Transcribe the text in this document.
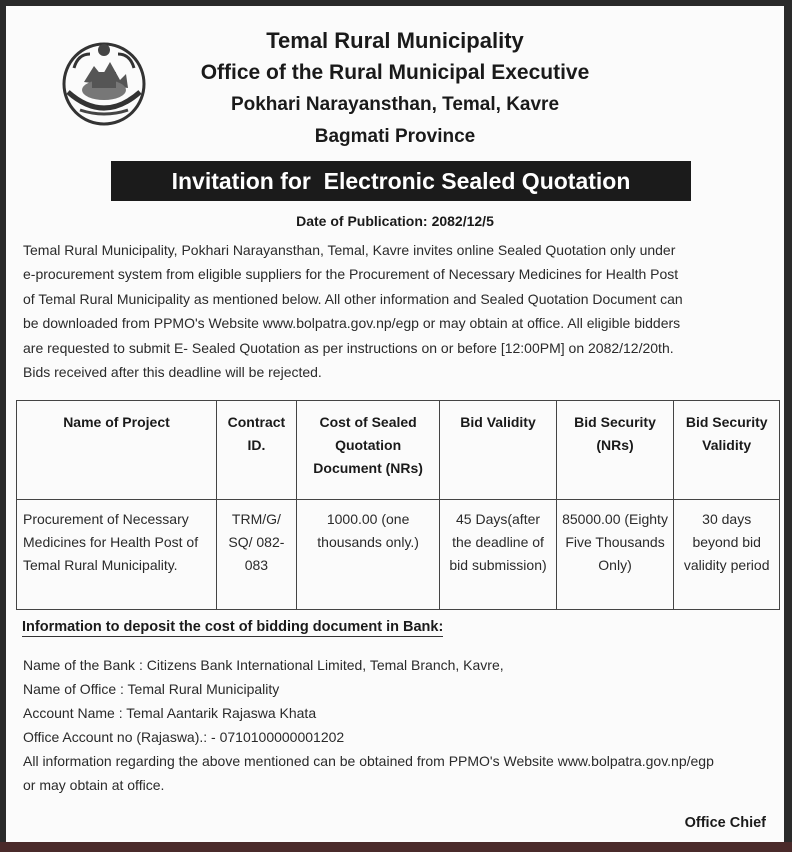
Temal Rural Municipality
Office of the Rural Municipal Executive
Pokhari Narayansthan, Temal, Kavre
Bagmati Province
Invitation for  Electronic Sealed Quotation
Date of Publication: 2082/12/5
Temal Rural Municipality, Pokhari Narayansthan, Temal, Kavre invites online Sealed Quotation only under
e-procurement system from eligible suppliers for the Procurement of Necessary Medicines for Health Post
of Temal Rural Municipality as mentioned below. All other information and Sealed Quotation Document can
be downloaded from PPMO's Website www.bolpatra.gov.np/egp or may obtain at office. All eligible bidders
are requested to submit E- Sealed Quotation as per instructions on or before [12:00PM] on 2082/12/20th.
Bids received after this deadline will be rejected.
Name of Project	Contract ID.	Cost of Sealed Quotation Document (NRs)	Bid Validity	Bid Security (NRs)	Bid Security Validity
Procurement of Necessary Medicines for Health Post of Temal Rural Municipality.	TRM/G/ SQ/ 082-083	1000.00 (one thousands only.)	45 Days(after the deadline of bid submission)	85000.00 (Eighty Five Thousands Only)	30 days beyond bid validity period
Information to deposit the cost of bidding document in Bank:
Name of the Bank : Citizens Bank International Limited, Temal Branch, Kavre,
Name of Office : Temal Rural Municipality
Account Name : Temal Aantarik Rajaswa Khata
Office Account no (Rajaswa).: - 0710100000001202
All information regarding the above mentioned can be obtained from PPMO's Website www.bolpatra.gov.np/egp
or may obtain at office.
Office Chief
